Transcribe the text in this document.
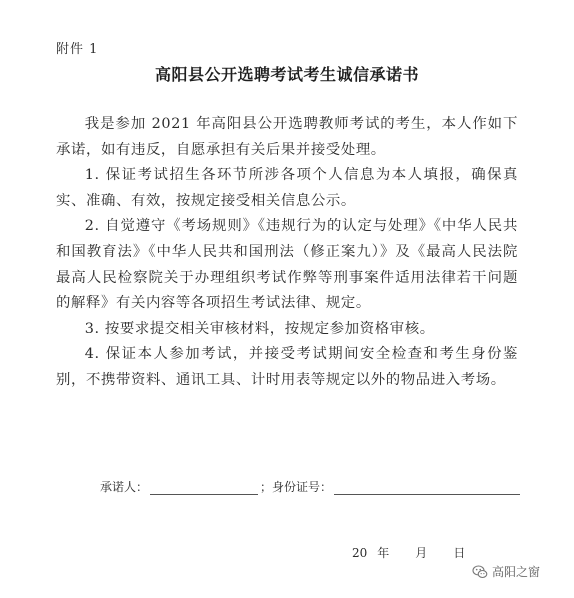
附件 1
高阳县公开选聘考试考生诚信承诺书

我是参加 2021 年高阳县公开选聘教师考试的考生，本人作如下承诺，如有违反，自愿承担有关后果并接受处理。

1. 保证考试招生各环节所涉各项个人信息为本人填报，确保真实、准确、有效，按规定接受相关信息公示。

2. 自觉遵守《考场规则》《违规行为的认定与处理》《中华人民共和国教育法》《中华人民共和国刑法（修正案九）》及《最高人民法院 最高人民检察院关于办理组织考试作弊等刑事案件适用法律若干问题的解释》有关内容等各项招生考试法律、规定。

3. 按要求提交相关审核材料，按规定参加资格审核。

4. 保证本人参加考试，并接受考试期间安全检查和考生身份鉴别，不携带资料、通讯工具、计时用表等规定以外的物品进入考场。

承诺人：	；身份证号：
20 年 月 日
高阳之窗
